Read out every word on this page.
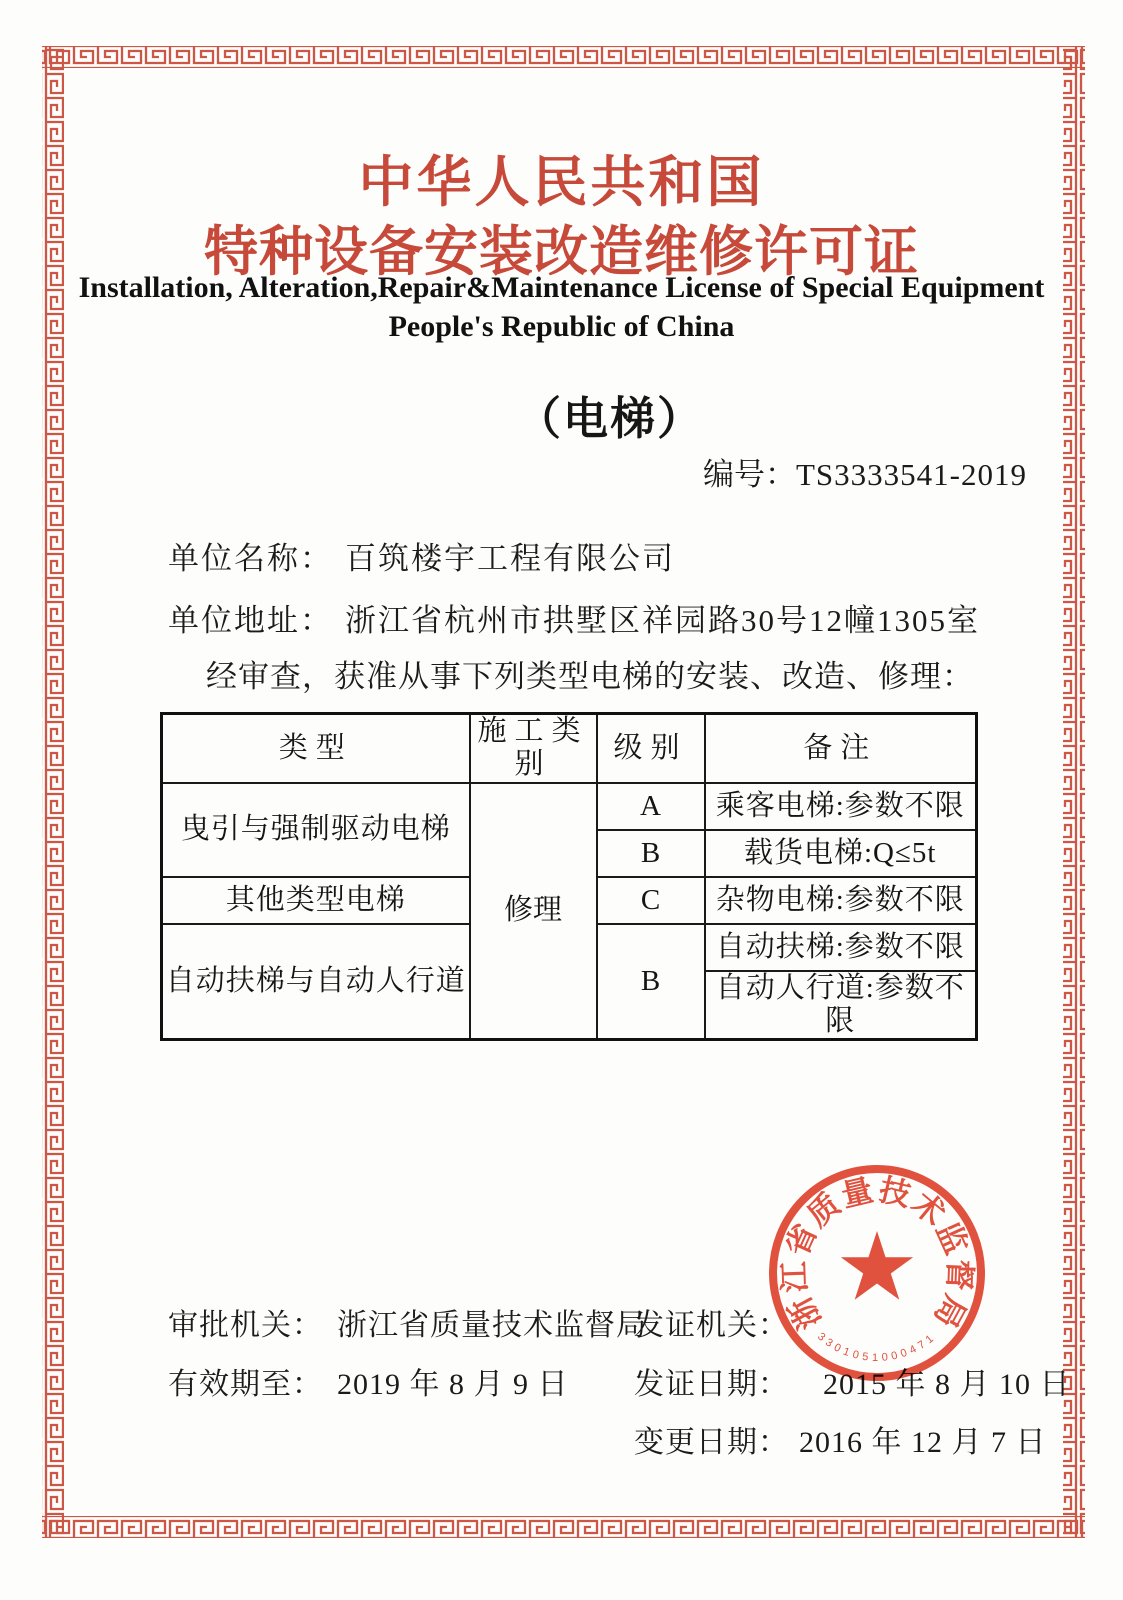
中华人民共和国
特种设备安装改造维修许可证
Installation, Alteration,Repair&Maintenance License of Special Equipment
People's Republic of China
（电梯）
编号：TS3333541-2019
单位名称： 百筑楼宇工程有限公司
单位地址： 浙江省杭州市拱墅区祥园路30号12幢1305室
经审查，获准从事下列类型电梯的安装、改造、修理：
类型	施工类别	级别	备注
曳引与强制驱动电梯	修理	A	乘客电梯:参数不限
		B	载货电梯:Q≤5t
其他类型电梯		C	杂物电梯:参数不限
自动扶梯与自动人行道		B	自动扶梯:参数不限
			自动人行道:参数不限
审批机关： 浙江省质量技术监督局
发证机关：
有效期至： 2019 年 8 月 9 日 发证日期： 2015 年 8 月 10 日
变更日期： 2016 年 12 月 7 日
浙江省质量技术监督局
3301051000471
